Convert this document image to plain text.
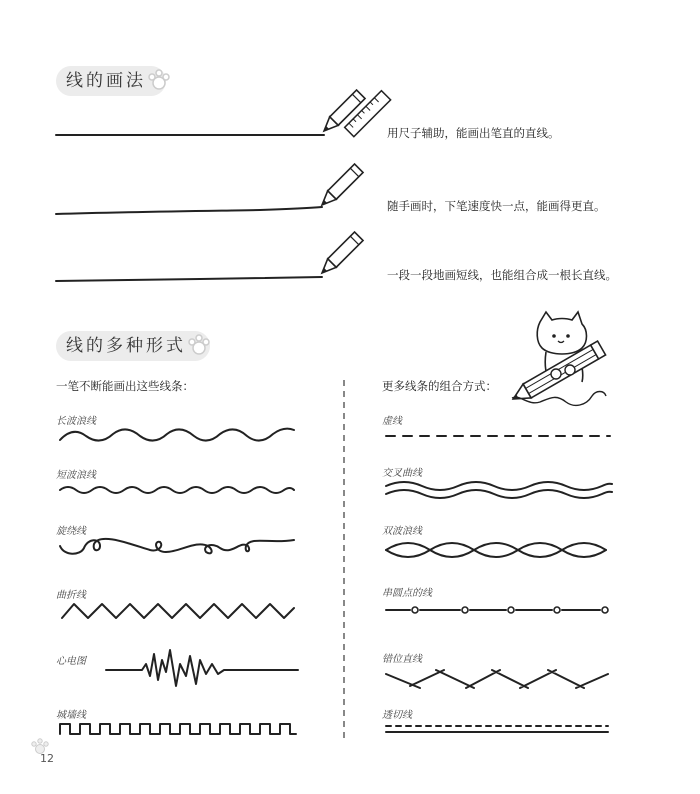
线的画法
用尺子辅助，能画出笔直的直线。
随手画时，下笔速度快一点，能画得更直。
一段一段地画短线，也能组合成一根长直线。
线的多种形式
一笔不断能画出这些线条：	更多线条的组合方式：
长波浪线
短波浪线
旋绕线
曲折线
心电图
城墙线
虚线
交叉曲线
双波浪线
串圆点的线
错位直线
透切线
12
